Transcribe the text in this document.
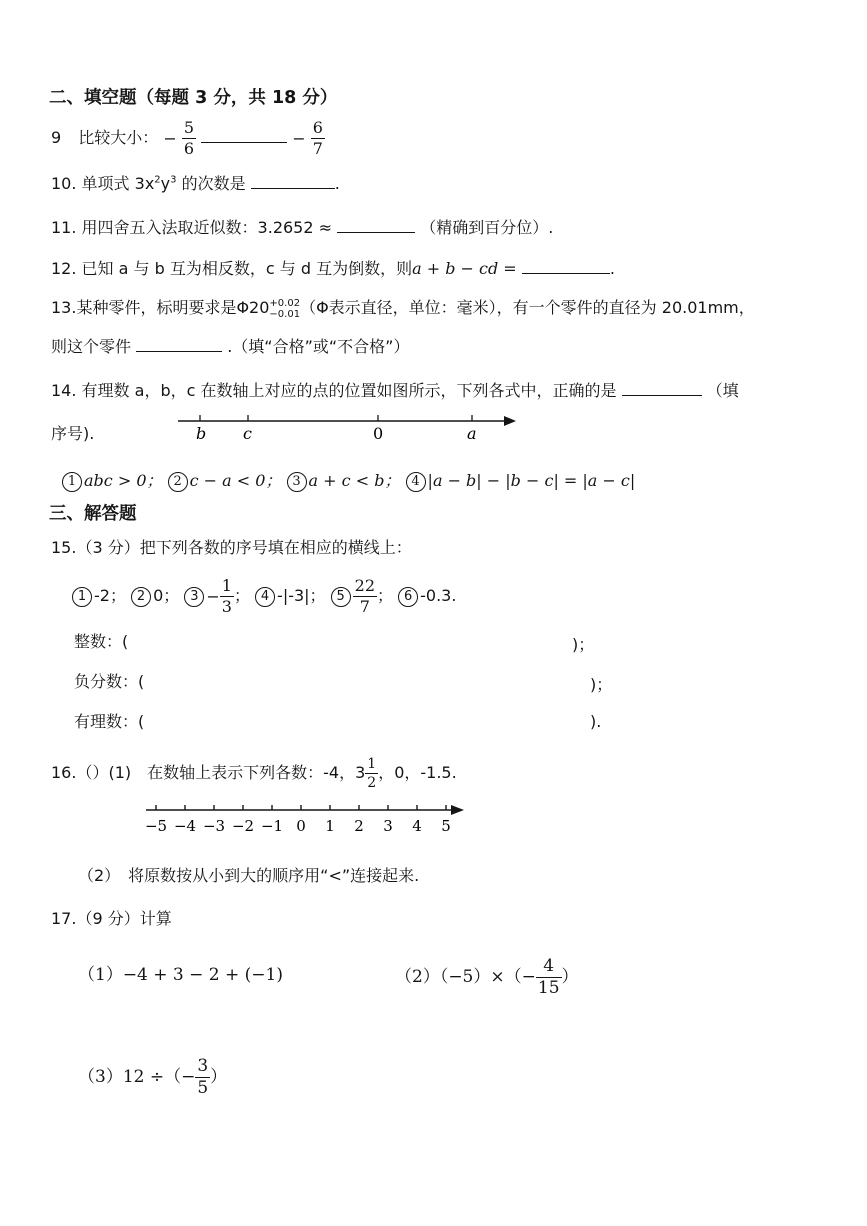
二、填空题（每题 3 分，共 18 分）
9 比较大小： − $\frac{5}{6}$	− $\frac{6}{7}$
10. 单项式 $3x^2y^3$ 的次数是	.
11. 用四舍五入法取近似数：3.2652 ≈	（精确到百分位）.
12. 已知 a 与 b 互为相反数，c 与 d 互为倒数，则a + b − cd =	.
13.某种零件，标明要求是Φ20 +0.02
−0.01 （Φ表示直径，单位：毫米），有一个零件的直径为 20.01mm，
则这个零件	.（填“合格”或“不合格”）
14. 有理数 a，b，c 在数轴上对应的点的位置如图所示，下列各式中，正确的是	（填
序号).	b c	0	a
1 abc > 0； 2 c − a < 0； 3 a + c < b； 4 |a − b| − |b − c| = |a − c|
三、解答题
15.（3 分）把下列各数的序号填在相应的横线上：
1 -2； 2 0； $3 - \frac{1}{3}$ ； 4 -|-3|； $5 \frac{22}{7}$ ； 6 -0.3.
整数：(	)；
负分数：(	)；
有理数：(	).
16.（）(1)　在数轴上表示下列各数：-4，$3 \frac{1}{2}$ ，0，-1.5.
−5 −4 −3 −2 −1 0 1 2 3 4 5
（2）　将原数按从小到大的顺序用“<”连接起来.
17.（9 分）计算
（1）−4 + 3 − 2 + (−1)	$(2)(-5)\times(- \frac{4}{15}$ ）
（3）12 ÷（− $\frac{3}{5}$ ）
